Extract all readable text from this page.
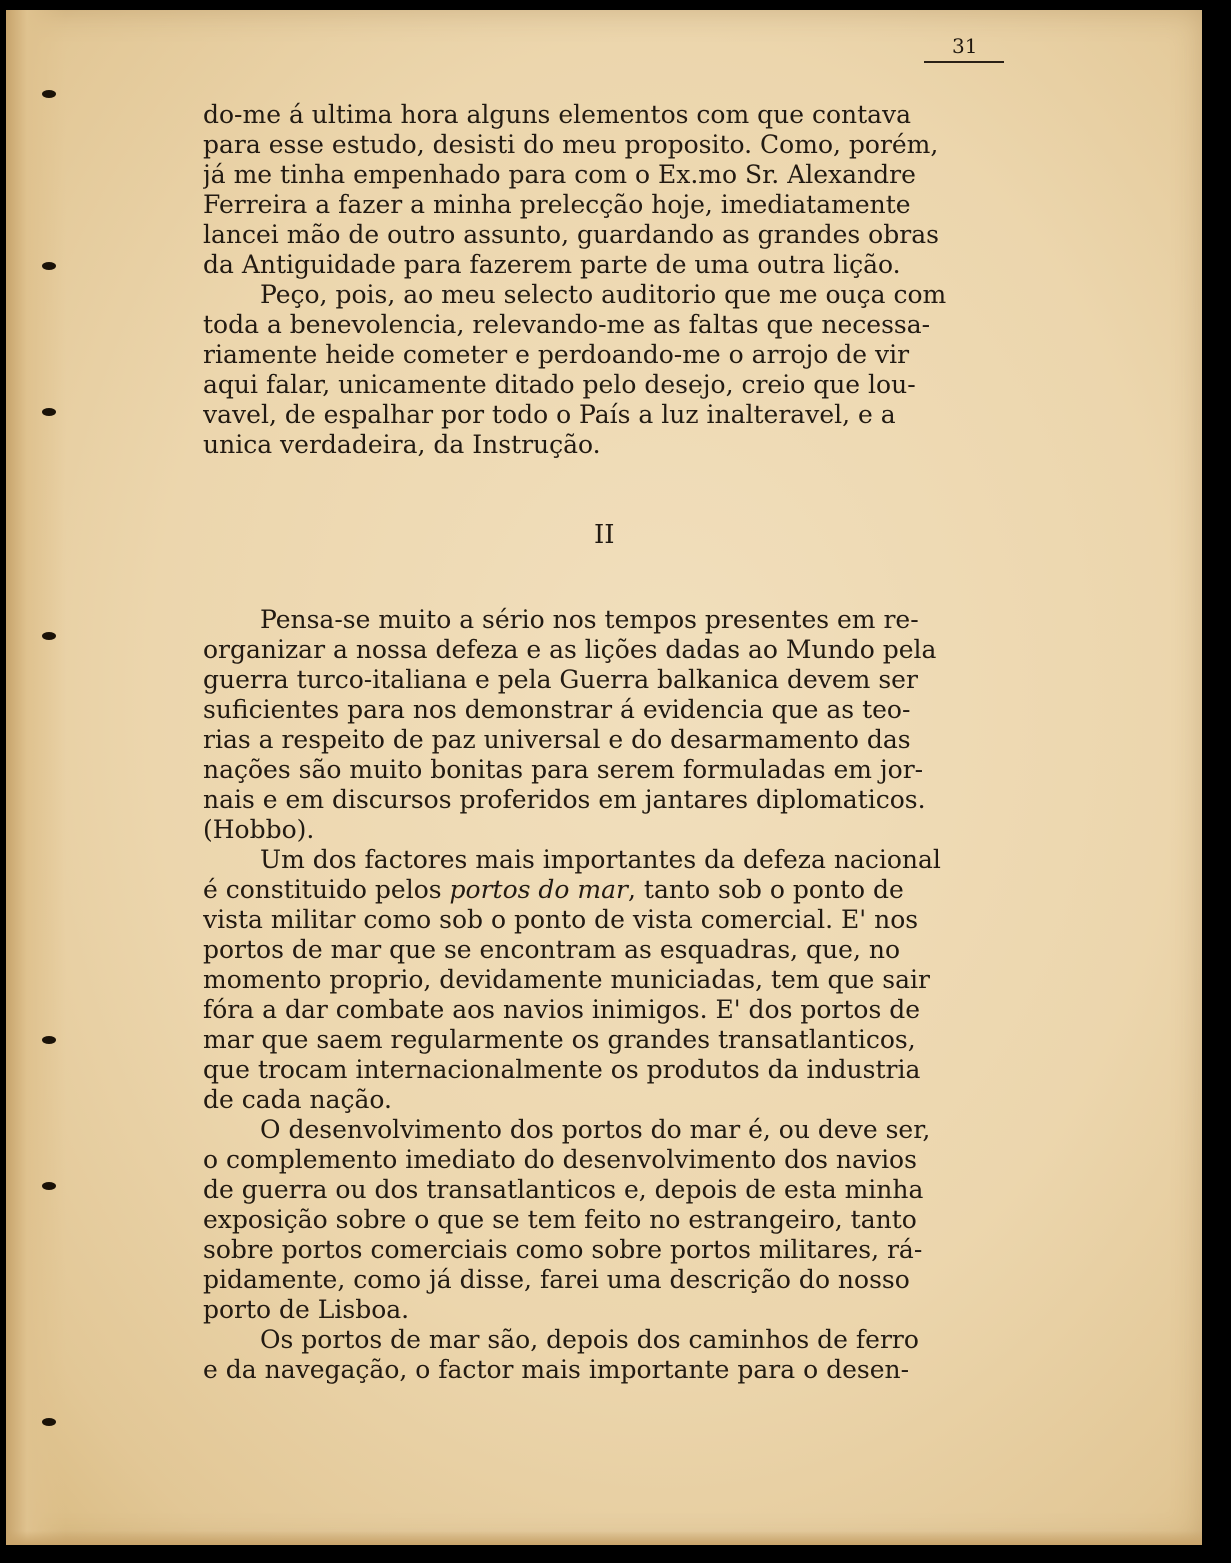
31
do-me á ultima hora alguns elementos com que contava
para esse estudo, desisti do meu proposito. Como, porém,
já me tinha empenhado para com o Ex.mo Sr. Alexandre
Ferreira a fazer a minha prelecção hoje, imediatamente
lancei mão de outro assunto, guardando as grandes obras
da Antiguidade para fazerem parte de uma outra lição.
Peço, pois, ao meu selecto auditorio que me ouça com
toda a benevolencia, relevando-me as faltas que necessa-
riamente heide cometer e perdoando-me o arrojo de vir
aqui falar, unicamente ditado pelo desejo, creio que lou-
vavel, de espalhar por todo o País a luz inalteravel, e a
unica verdadeira, da Instrução.
II
Pensa-se muito a sério nos tempos presentes em re-
organizar a nossa defeza e as lições dadas ao Mundo pela
guerra turco-italiana e pela Guerra balkanica devem ser
suficientes para nos demonstrar á evidencia que as teo-
rias a respeito de paz universal e do desarmamento das
nações são muito bonitas para serem formuladas em jor-
nais e em discursos proferidos em jantares diplomaticos.
(Hobbo).
Um dos factores mais importantes da defeza nacional
é constituido pelos portos do mar, tanto sob o ponto de
vista militar como sob o ponto de vista comercial. E' nos
portos de mar que se encontram as esquadras, que, no
momento proprio, devidamente municiadas, tem que sair
fóra a dar combate aos navios inimigos. E' dos portos de
mar que saem regularmente os grandes transatlanticos,
que trocam internacionalmente os produtos da industria
de cada nação.
O desenvolvimento dos portos do mar é, ou deve ser,
o complemento imediato do desenvolvimento dos navios
de guerra ou dos transatlanticos e, depois de esta minha
exposição sobre o que se tem feito no estrangeiro, tanto
sobre portos comerciais como sobre portos militares, rá-
pidamente, como já disse, farei uma descrição do nosso
porto de Lisboa.
Os portos de mar são, depois dos caminhos de ferro
e da navegação, o factor mais importante para o desen-
